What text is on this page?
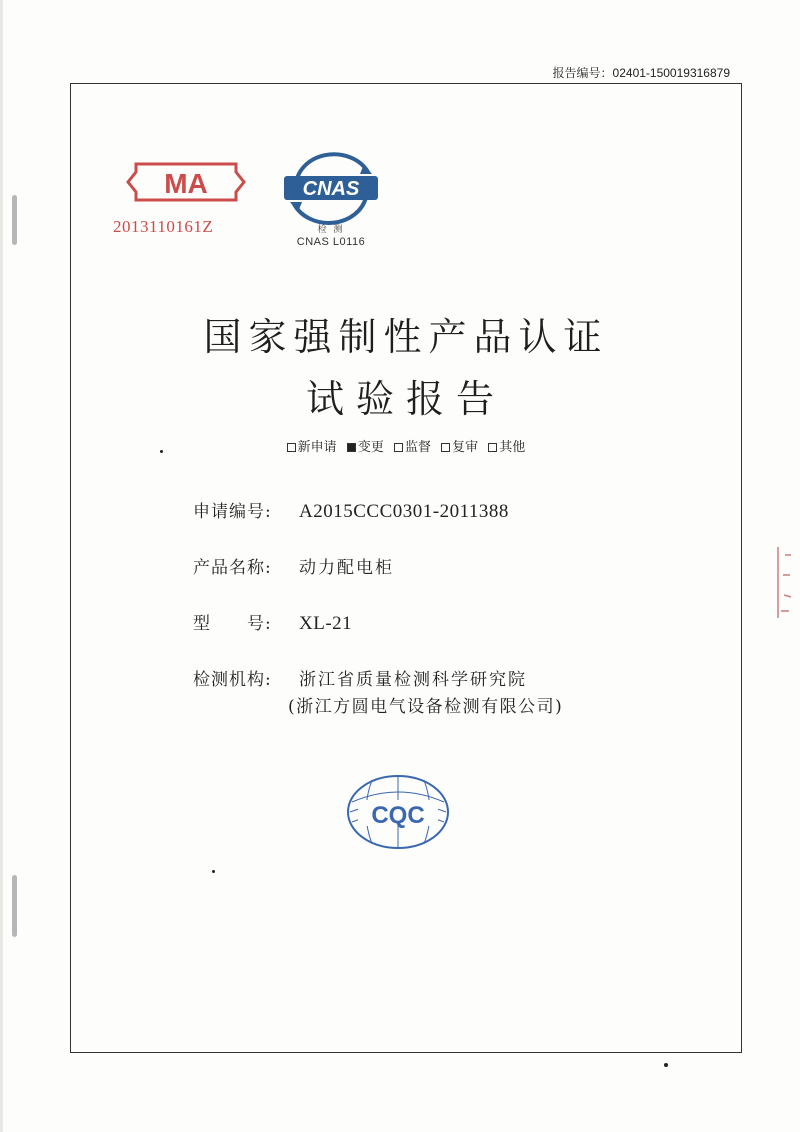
报告编号：02401-150019316879
MA
2013110161Z
CNAS
检 测
CNAS L0116
国家强制性产品认证
试验报告
新申请 变更 监督 复审 其他
申请编号: A2015CCC0301-2011388
产品名称: 动力配电柜
型　　号: XL-21
检测机构: 浙江省质量检测科学研究院
(浙江方圆电气设备检测有限公司)
CQC
